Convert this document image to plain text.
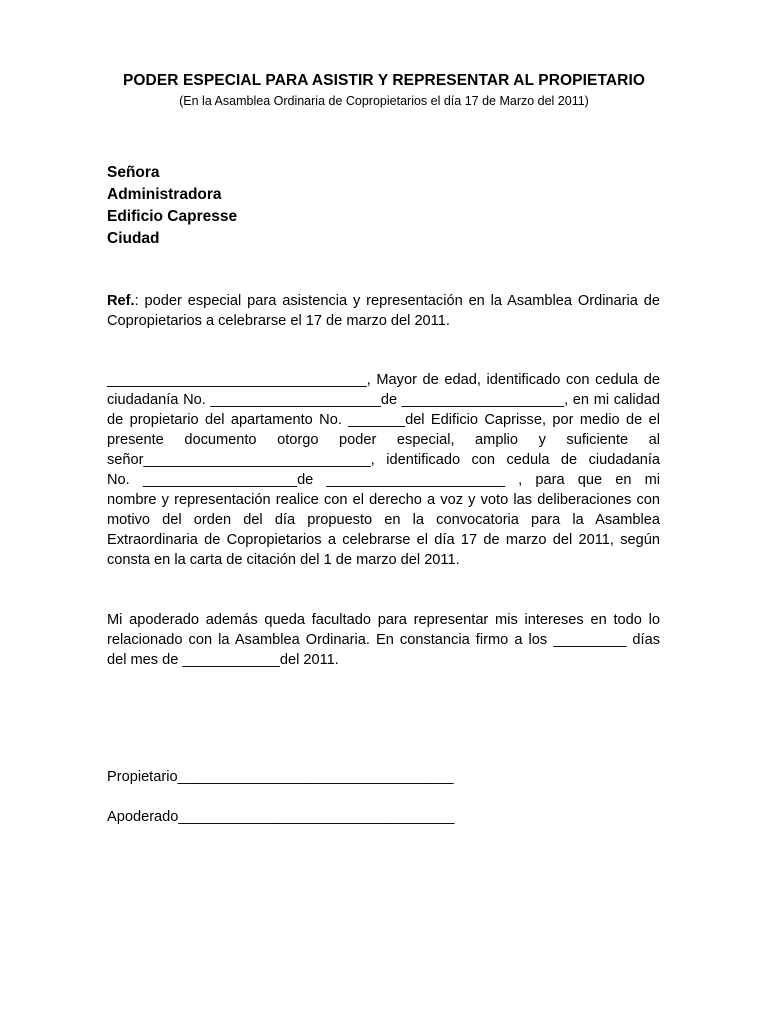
PODER ESPECIAL PARA ASISTIR Y REPRESENTAR AL PROPIETARIO
(En la Asamblea Ordinaria de Copropietarios el día 17 de Marzo del 2011)
Señora
Administradora
Edificio Capresse
Ciudad
Ref.: poder especial para asistencia y representación en la Asamblea Ordinaria de
Copropietarios a celebrarse el 17 de marzo del 2011.
________________________________, Mayor de edad, identificado con cedula de
ciudadanía No. _____________________de ____________________, en mi calidad
de propietario del apartamento No. _______del Edificio Caprisse, por medio de el
presente documento otorgo poder especial, amplio y suficiente al
señor____________________________, identificado con cedula de ciudadanía
No. ___________________de ______________________ , para que en mi
nombre y representación realice con el derecho a voz y voto las deliberaciones con
motivo del orden del día propuesto en la convocatoria para la Asamblea
Extraordinaria de Copropietarios a celebrarse el día 17 de marzo del 2011, según
consta en la carta de citación del 1 de marzo del 2011.
Mi apoderado además queda facultado para representar mis intereses en todo lo
relacionado con la Asamblea Ordinaria. En constancia firmo a los _________ días
del mes de ____________del 2011.
Propietario__________________________________
Apoderado__________________________________
